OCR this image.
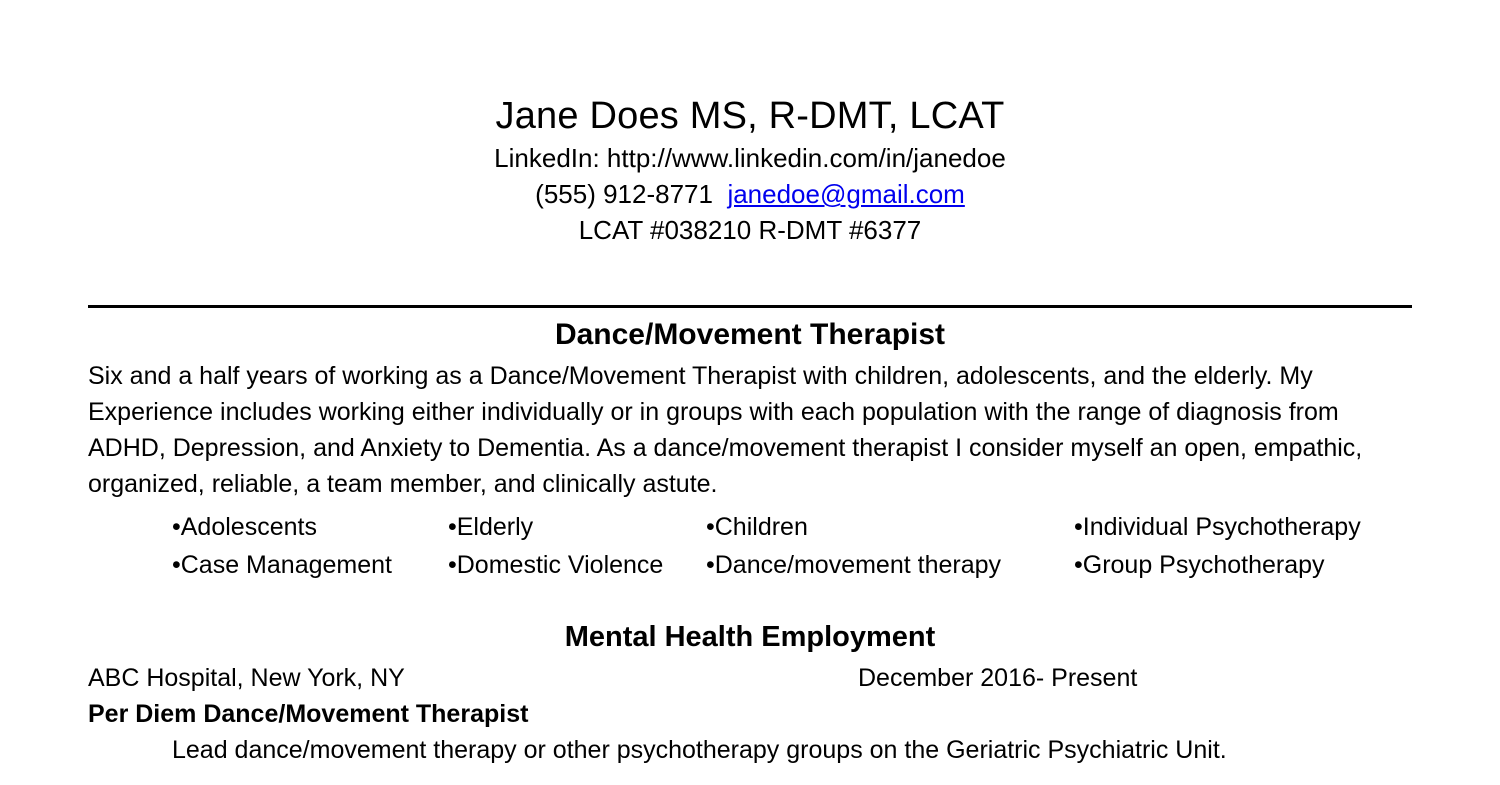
Jane Does MS, R-DMT, LCAT
LinkedIn: http://www.linkedin.com/in/janedoe
(555) 912-8771 janedoe@gmail.com
LCAT #038210 R-DMT #6377
Dance/Movement Therapist
Six and a half years of working as a Dance/Movement Therapist with children, adolescents, and the elderly. My Experience includes working either individually or in groups with each population with the range of diagnosis from ADHD, Depression, and Anxiety to Dementia. As a dance/movement therapist I consider myself an open, empathic, organized, reliable, a team member, and clinically astute.
•Adolescents	•Elderly	•Children	•Individual Psychotherapy
•Case Management	•Domestic Violence	•Dance/movement therapy	•Group Psychotherapy
Mental Health Employment
ABC Hospital, New York, NY	December 2016- Present
Per Diem Dance/Movement Therapist
Lead dance/movement therapy or other psychotherapy groups on the Geriatric Psychiatric Unit.
